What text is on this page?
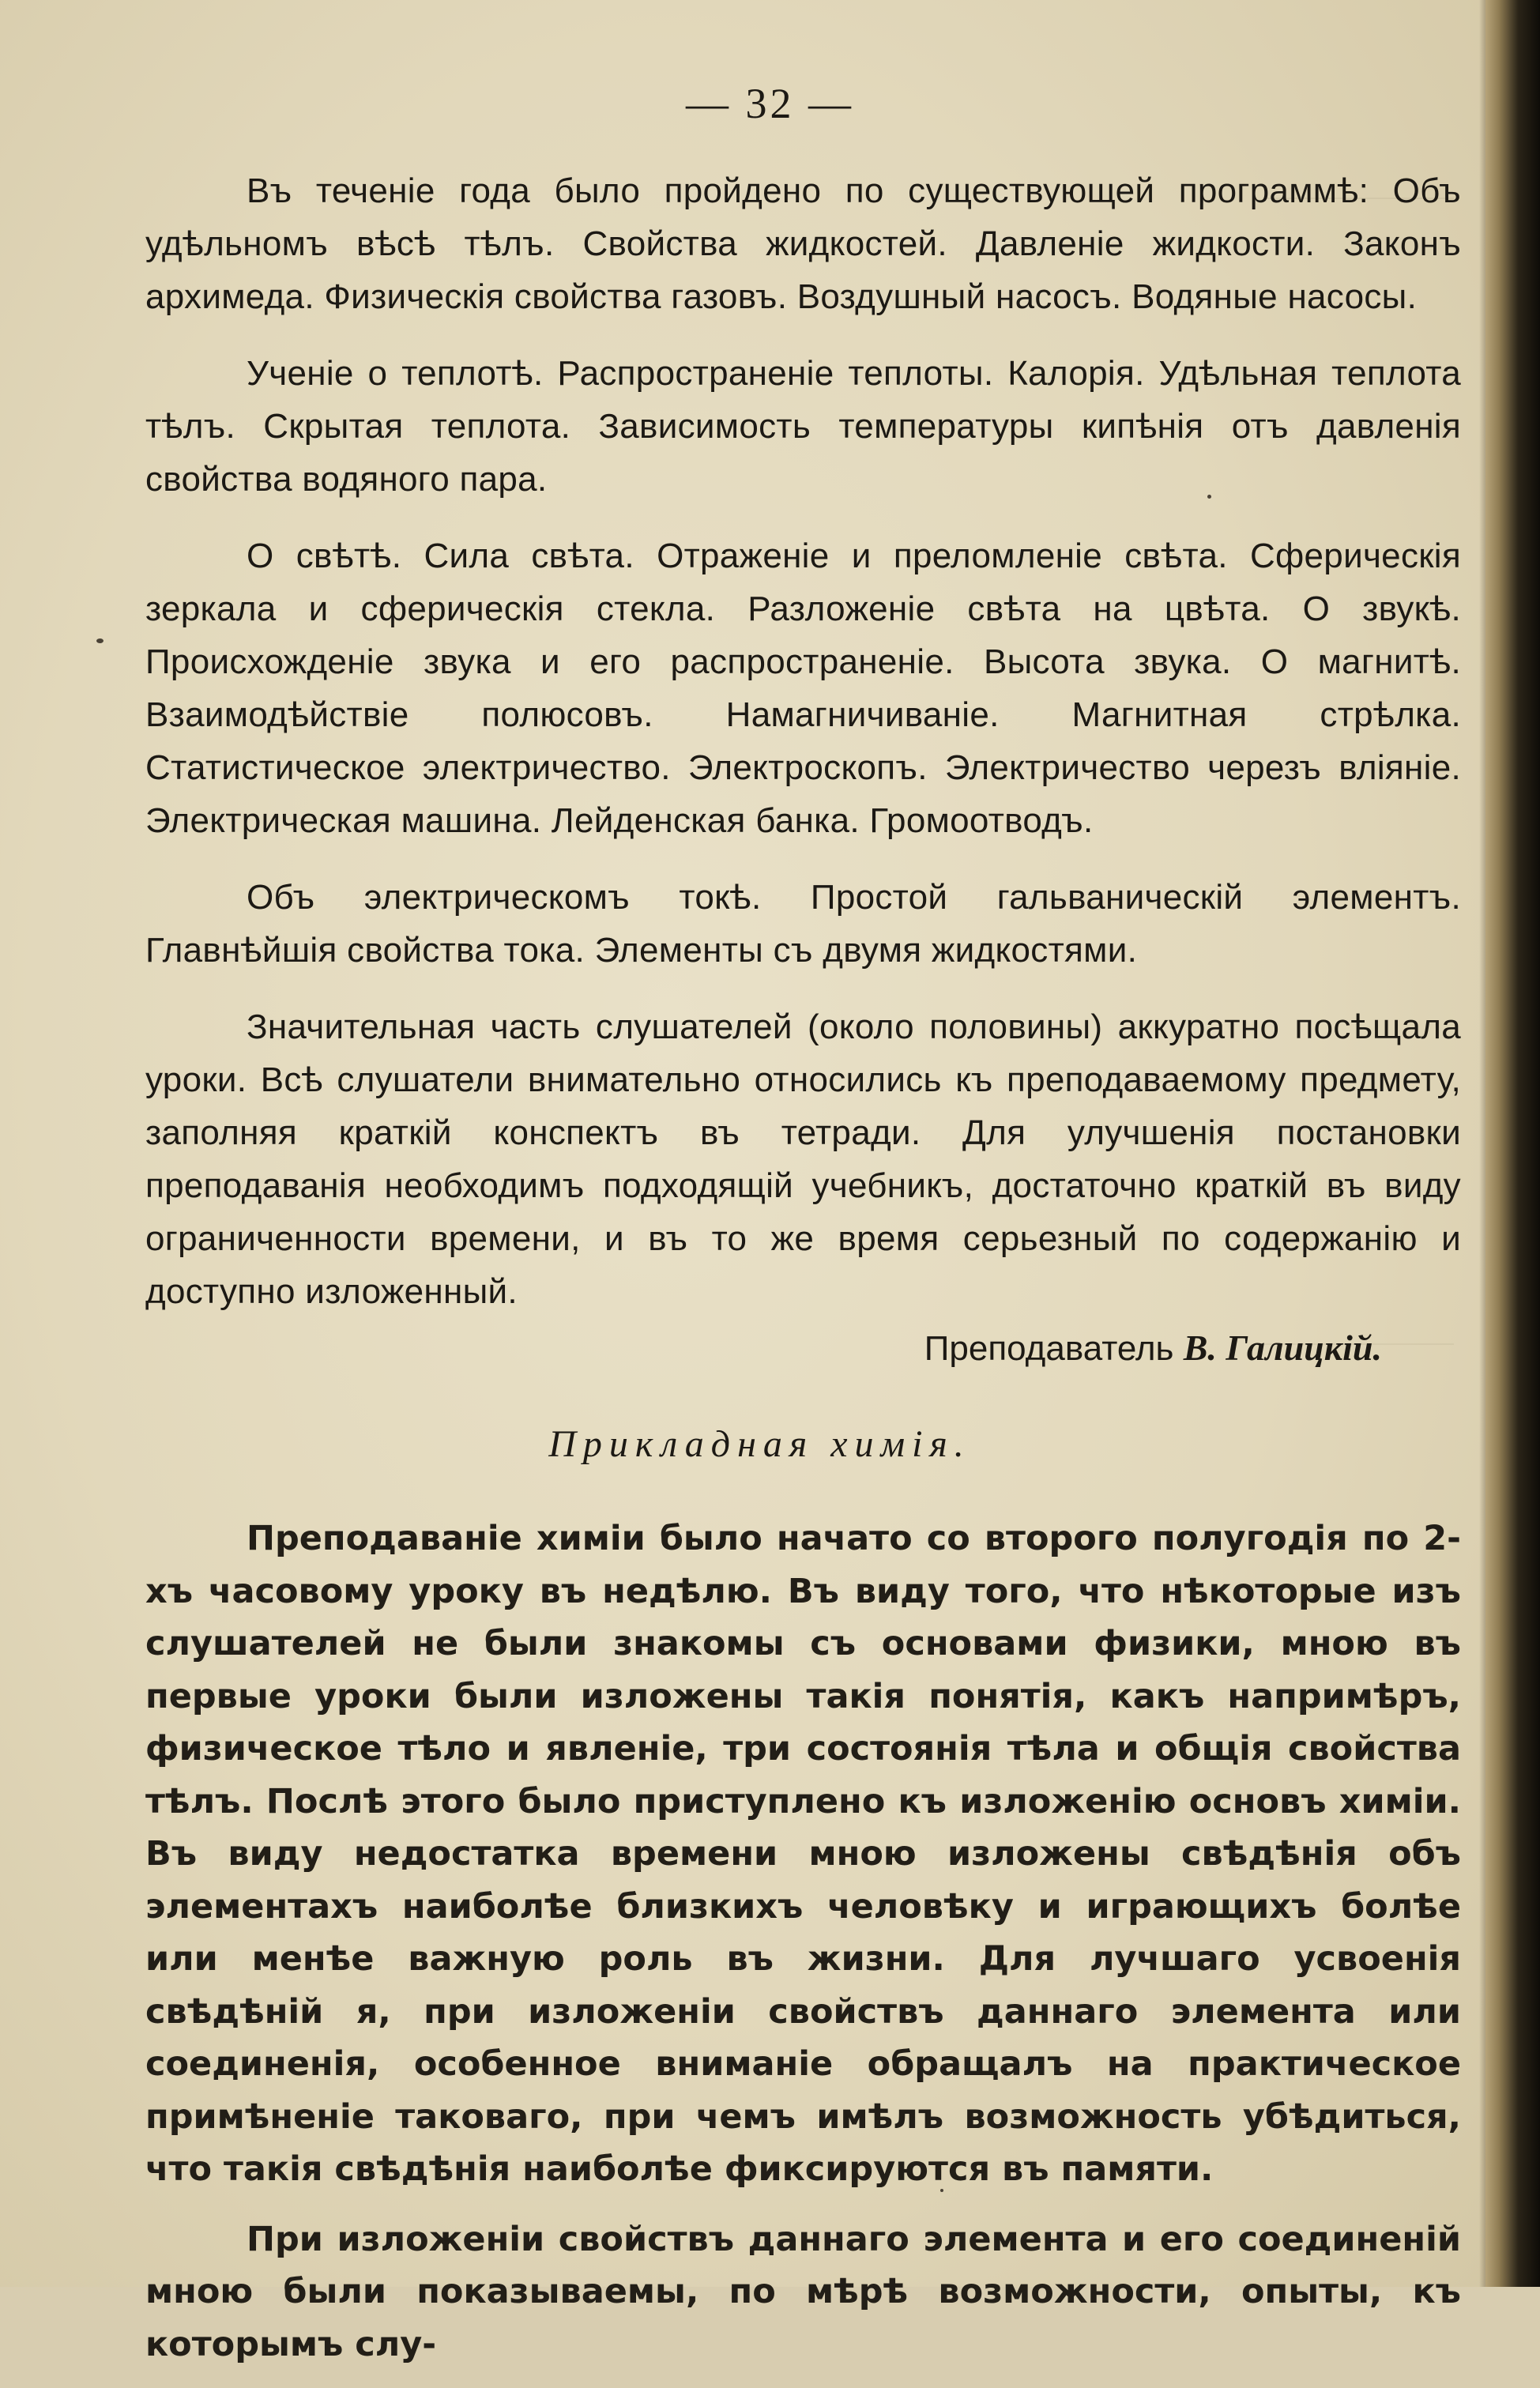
— 32 —

Въ теченіе года было пройдено по существующей программѣ: Объ удѣльномъ вѣсѣ тѣлъ. Свойства жидкостей. Давленіе жидкости. Законъ архимеда. Физическія свойства газовъ. Воздушный насосъ. Водяные насосы.

Ученіе о теплотѣ. Распространеніе теплоты. Калорія. Удѣльная теплота тѣлъ. Скрытая теплота. Зависимость температуры кипѣнія отъ давленія свойства водяного пара.

О свѣтѣ. Сила свѣта. Отраженіе и преломленіе свѣта. Сферическія зеркала и сферическія стекла. Разложеніе свѣта на цвѣта. О звукѣ. Происхожденіе звука и его распространеніе. Высота звука. О магнитѣ. Взаимодѣйствіе полюсовъ. Намагничиваніе. Магнитная стрѣлка. Статистическое электричество. Электроскопъ. Электричество черезъ вліяніе. Электрическая машина. Лейденская банка. Громоотводъ.

Объ электрическомъ токѣ. Простой гальваническій элементъ. Главнѣйшія свойства тока. Элементы съ двумя жидкостями.

Значительная часть слушателей (около половины) аккуратно посѣщала уроки. Всѣ слушатели внимательно относились къ преподаваемому предмету, заполняя краткій конспектъ въ тетради. Для улучшенія постановки преподаванія необходимъ подходящій учебникъ, достаточно краткій въ виду ограниченности времени, и въ то же время серьезный по содержанію и доступно изложенный.

Преподаватель В. Галицкій.

Прикладная химія.

Преподаваніе химіи было начато со второго полугодія по 2-хъ часовому уроку въ недѣлю. Въ виду того, что нѣкоторые изъ слушателей не были знакомы съ основами физики, мною въ первые уроки были изложены такія понятія, какъ напримѣръ, физическое тѣло и явленіе, три состоянія тѣла и общія свойства тѣлъ. Послѣ этого было приступлено къ изложенію основъ химіи. Въ виду недостатка времени мною изложены свѣдѣнія объ элементахъ наиболѣе близкихъ человѣку и играющихъ болѣе или менѣе важную роль въ жизни. Для лучшаго усвоенія свѣдѣній я, при изложеніи свойствъ даннаго элемента или соединенія, особенное вниманіе обращалъ на практическое примѣненіе таковаго, при чемъ имѣлъ возможность убѣдиться, что такія свѣдѣнія наиболѣе фиксируются въ памяти.

При изложеніи свойствъ даннаго элемента и его соединеній мною были показываемы, по мѣрѣ возможности, опыты, къ которымъ слу-
